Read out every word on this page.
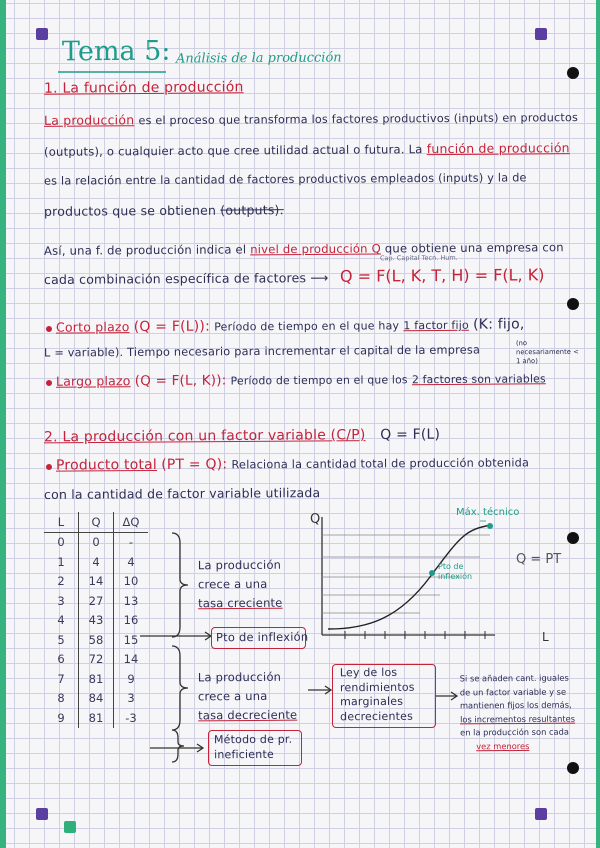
Tema 5: Análisis de la producción
1. La función de producción
La producción es el proceso que transforma los factores productivos (inputs) en productos
(outputs), o cualquier acto que cree utilidad actual o futura. La función de producción
es la relación entre la cantidad de factores productivos empleados (inputs) y la de
productos que se obtienen (outputs).
Así, una f. de producción indica el nivel de producción Q que obtiene una empresa con
cada combinación específica de factores ⟶ Q = F(L, K, T, H) = F(L, K)
Cap. Capital Tecn. Hum.
Corto plazo (Q = F(L)): Período de tiempo en el que hay 1 factor fijo (K: fijo,
L = variable). Tiempo necesario para incrementar el capital de la empresa
(no necesariamente < 1 año)
Largo plazo (Q = F(L, K)): Período de tiempo en el que los 2 factores son variables
2. La producción con un factor variable (C/P) Q = F(L)
Producto total (PT = Q): Relaciona la cantidad total de producción obtenida
con la cantidad de factor variable utilizada
L	Q	ΔQ
0	0	-
1	4	4
2	14	10
3	27	13
4	43	16
5	58	15
6	72	14
7	81	9
8	84	3
9	81	-3
La producción
crece a una
tasa creciente
Pto de inflexión
La producción
crece a una
tasa decreciente
Ley de los
rendimientos
marginales
decrecientes
Si se añaden cant. iguales
de un factor variable y se
mantienen fijos los demás,
los incrementos resultantes
en la producción son cada
vez menores
Método de pr.
ineficiente
Q
L
Máx. técnico
Pto de
inflexión
Q = PT
